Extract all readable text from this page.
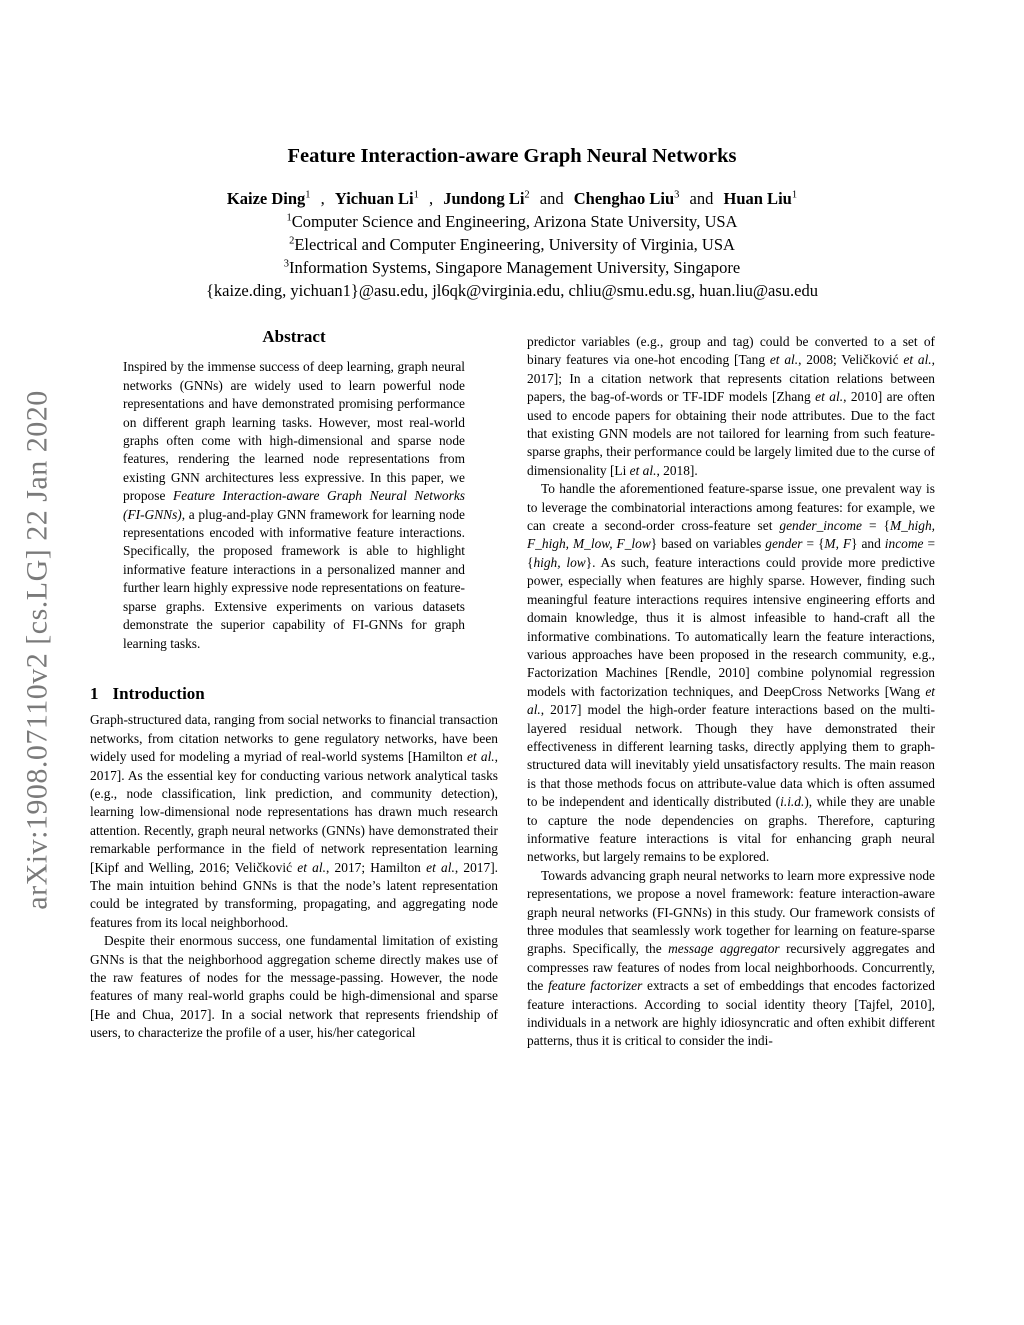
arXiv:1908.07110v2 [cs.LG] 22 Jan 2020
Feature Interaction-aware Graph Neural Networks
Kaize Ding$^1$ , Yichuan Li$^1$ , Jundong Li$^2$ and Chenghao Liu$^3$ and Huan Liu$^1$
$^1$Computer Science and Engineering, Arizona State University, USA
$^2$Electrical and Computer Engineering, University of Virginia, USA
$^3$Information Systems, Singapore Management University, Singapore
{kaize.ding, yichuan1}@asu.edu, jl6qk@virginia.edu, chliu@smu.edu.sg, huan.liu@asu.edu
Abstract

Inspired by the immense success of deep learning, graph neural networks (GNNs) are widely used to learn powerful node representations and have demonstrated promising performance on different graph learning tasks. However, most real-world graphs often come with high-dimensional and sparse node features, rendering the learned node representations from existing GNN architectures less expressive. In this paper, we propose Feature Interaction-aware Graph Neural Networks (FI-GNNs), a plug-and-play GNN framework for learning node representations encoded with informative feature interactions. Specifically, the proposed framework is able to highlight informative feature interactions in a personalized manner and further learn highly expressive node representations on feature-sparse graphs. Extensive experiments on various datasets demonstrate the superior capability of FI-GNNs for graph learning tasks.

1 Introduction

Graph-structured data, ranging from social networks to financial transaction networks, from citation networks to gene regulatory networks, have been widely used for modeling a myriad of real-world systems [Hamilton et al., 2017]. As the essential key for conducting various network analytical tasks (e.g., node classification, link prediction, and community detection), learning low-dimensional node representations has drawn much research attention. Recently, graph neural networks (GNNs) have demonstrated their remarkable performance in the field of network representation learning [Kipf and Welling, 2016; Veličković et al., 2017; Hamilton et al., 2017]. The main intuition behind GNNs is that the node’s latent representation could be integrated by transforming, propagating, and aggregating node features from its local neighborhood.

Despite their enormous success, one fundamental limitation of existing GNNs is that the neighborhood aggregation scheme directly makes use of the raw features of nodes for the message-passing. However, the node features of many real-world graphs could be high-dimensional and sparse [He and Chua, 2017]. In a social network that represents friendship of users, to characterize the profile of a user, his/her categorical

predictor variables (e.g., group and tag) could be converted to a set of binary features via one-hot encoding [Tang et al., 2008; Veličković et al., 2017]; In a citation network that represents citation relations between papers, the bag-of-words or TF-IDF models [Zhang et al., 2010] are often used to encode papers for obtaining their node attributes. Due to the fact that existing GNN models are not tailored for learning from such feature-sparse graphs, their performance could be largely limited due to the curse of dimensionality [Li et al., 2018].

To handle the aforementioned feature-sparse issue, one prevalent way is to leverage the combinatorial interactions among features: for example, we can create a second-order cross-feature set gender_income = {M_high, F_high, M_low, F_low} based on variables gender = {M, F} and income = {high, low}. As such, feature interactions could provide more predictive power, especially when features are highly sparse. However, finding such meaningful feature interactions requires intensive engineering efforts and domain knowledge, thus it is almost infeasible to hand-craft all the informative combinations. To automatically learn the feature interactions, various approaches have been proposed in the research community, e.g., Factorization Machines [Rendle, 2010] combine polynomial regression models with factorization techniques, and DeepCross Networks [Wang et al., 2017] model the high-order feature interactions based on the multi-layered residual network. Though they have demonstrated their effectiveness in different learning tasks, directly applying them to graph-structured data will inevitably yield unsatisfactory results. The main reason is that those methods focus on attribute-value data which is often assumed to be independent and identically distributed (i.i.d.), while they are unable to capture the node dependencies on graphs. Therefore, capturing informative feature interactions is vital for enhancing graph neural networks, but largely remains to be explored.

Towards advancing graph neural networks to learn more expressive node representations, we propose a novel framework: feature interaction-aware graph neural networks (FI-GNNs) in this study. Our framework consists of three modules that seamlessly work together for learning on feature-sparse graphs. Specifically, the message aggregator recursively aggregates and compresses raw features of nodes from local neighborhoods. Concurrently, the feature factorizer extracts a set of embeddings that encodes factorized feature interactions. According to social identity theory [Tajfel, 2010], individuals in a network are highly idiosyncratic and often exhibit different patterns, thus it is critical to consider the indi-
